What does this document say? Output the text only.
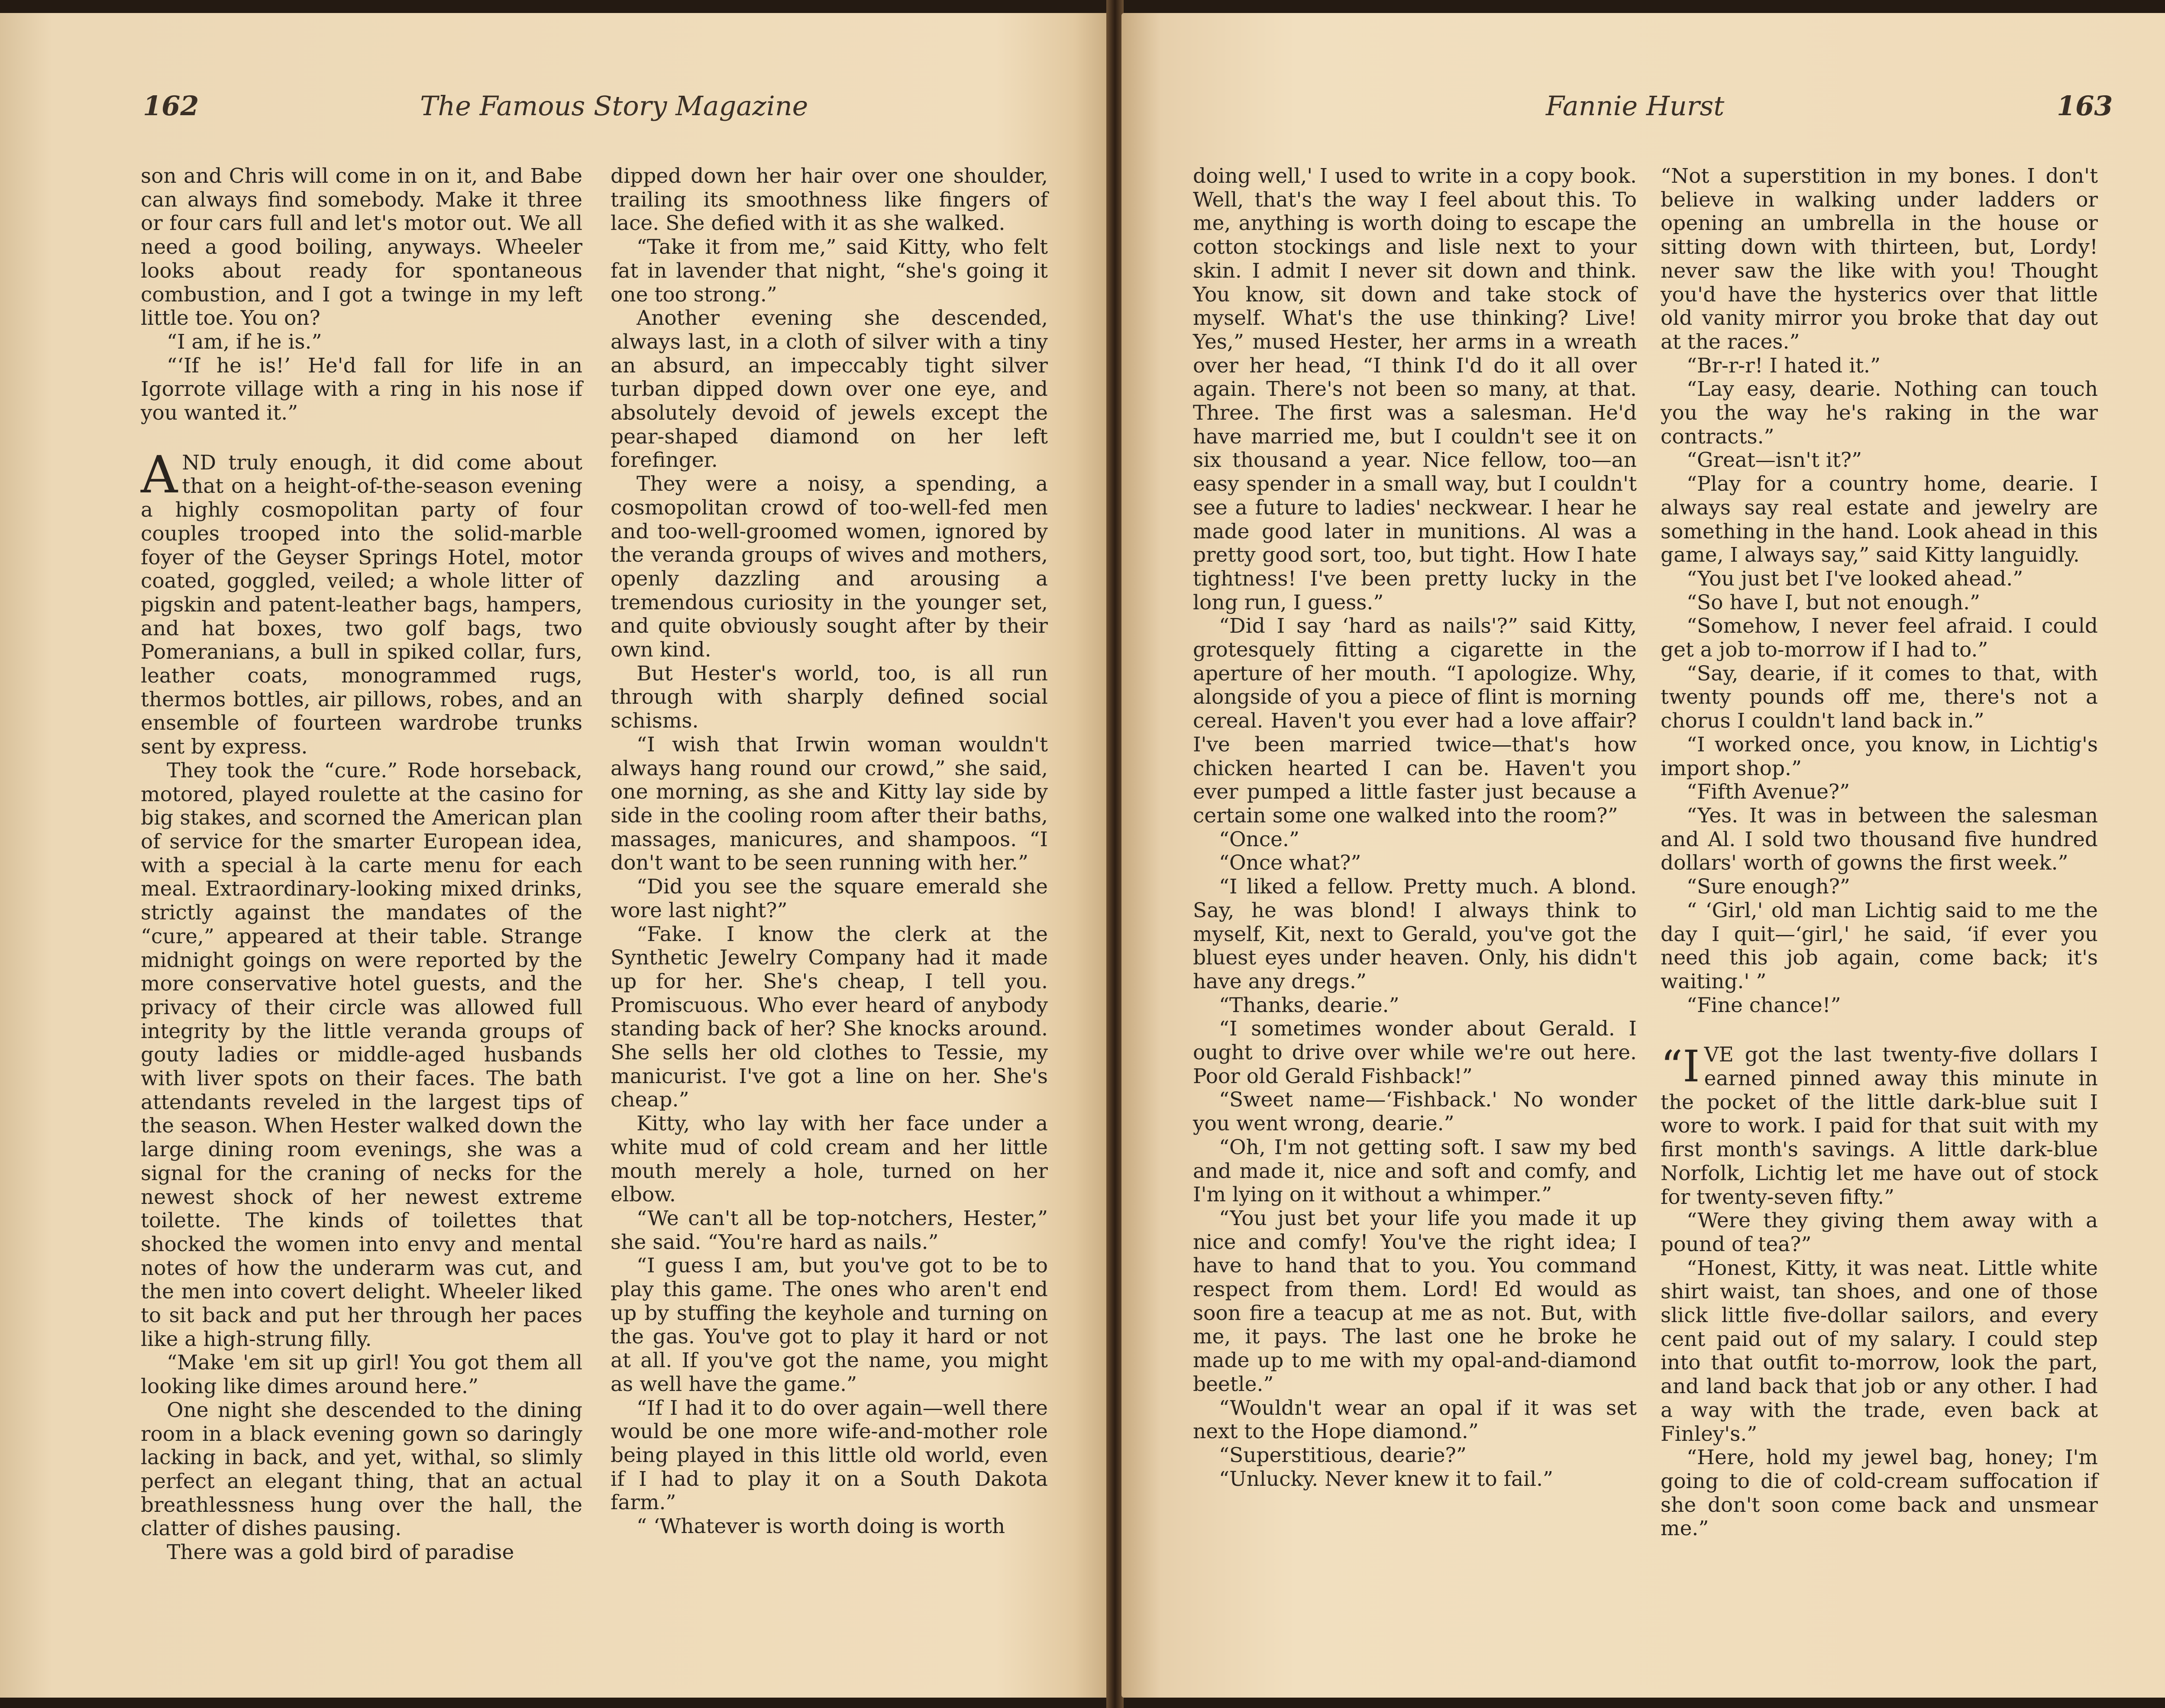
162	The Famous Story Magazine

son and Chris will come in on it, and Babe can always find somebody. Make it three or four cars full and let's motor out. We all need a good boiling, anyways. Wheeler looks about ready for spontaneous combustion, and I got a twinge in my left little toe. You on?

“I am, if he is.”

“‘If he is!’ He'd fall for life in an Igorrote village with a ring in his nose if you wanted it.”

AND truly enough, it did come about that on a height-of-the-season evening a highly cosmopolitan party of four couples trooped into the solid-marble foyer of the Geyser Springs Hotel, motor coated, goggled, veiled; a whole litter of pigskin and patent-leather bags, hampers, and hat boxes, two golf bags, two Pomeranians, a bull in spiked collar, furs, leather coats, monogrammed rugs, thermos bottles, air pillows, robes, and an ensemble of fourteen wardrobe trunks sent by express.

They took the “cure.” Rode horseback, motored, played roulette at the casino for big stakes, and scorned the American plan of service for the smarter European idea, with a special à la carte menu for each meal. Extraordinary-looking mixed drinks, strictly against the mandates of the “cure,” appeared at their table. Strange midnight goings on were reported by the more conservative hotel guests, and the privacy of their circle was allowed full integrity by the little veranda groups of gouty ladies or middle-aged husbands with liver spots on their faces. The bath attendants reveled in the largest tips of the season. When Hester walked down the large dining room evenings, she was a signal for the craning of necks for the newest shock of her newest extreme toilette. The kinds of toilettes that shocked the women into envy and mental notes of how the underarm was cut, and the men into covert delight. Wheeler liked to sit back and put her through her paces like a high-strung filly.

“Make 'em sit up girl! You got them all looking like dimes around here.”

One night she descended to the dining room in a black evening gown so daringly lacking in back, and yet, withal, so slimly perfect an elegant thing, that an actual breathlessness hung over the hall, the clatter of dishes pausing.

There was a gold bird of paradise

dipped down her hair over one shoulder, trailing its smoothness like fingers of lace. She defied with it as she walked.

“Take it from me,” said Kitty, who felt fat in lavender that night, “she's going it one too strong.”

Another evening she descended, always last, in a cloth of silver with a tiny an absurd, an impeccably tight silver turban dipped down over one eye, and absolutely devoid of jewels except the pear-shaped diamond on her left forefinger.

They were a noisy, a spending, a cosmopolitan crowd of too-well-fed men and too-well-groomed women, ignored by the veranda groups of wives and mothers, openly dazzling and arousing a tremendous curiosity in the younger set, and quite obviously sought after by their own kind.

But Hester's world, too, is all run through with sharply defined social schisms.

“I wish that Irwin woman wouldn't always hang round our crowd,” she said, one morning, as she and Kitty lay side by side in the cooling room after their baths, massages, manicures, and shampoos. “I don't want to be seen running with her.”

“Did you see the square emerald she wore last night?”

“Fake. I know the clerk at the Synthetic Jewelry Company had it made up for her. She's cheap, I tell you. Promiscuous. Who ever heard of anybody standing back of her? She knocks around. She sells her old clothes to Tessie, my manicurist. I've got a line on her. She's cheap.”

Kitty, who lay with her face under a white mud of cold cream and her little mouth merely a hole, turned on her elbow.

“We can't all be top-notchers, Hester,” she said. “You're hard as nails.”

“I guess I am, but you've got to be to play this game. The ones who aren't end up by stuffing the keyhole and turning on the gas. You've got to play it hard or not at all. If you've got the name, you might as well have the game.”

“If I had it to do over again—well there would be one more wife-and-mother role being played in this little old world, even if I had to play it on a South Dakota farm.”

“ ‘Whatever is worth doing is worth

Fannie Hurst	163

doing well,' I used to write in a copy book. Well, that's the way I feel about this. To me, anything is worth doing to escape the cotton stockings and lisle next to your skin. I admit I never sit down and think. You know, sit down and take stock of myself. What's the use thinking? Live! Yes,” mused Hester, her arms in a wreath over her head, “I think I'd do it all over again. There's not been so many, at that. Three. The first was a salesman. He'd have married me, but I couldn't see it on six thousand a year. Nice fellow, too—an easy spender in a small way, but I couldn't see a future to ladies' neckwear. I hear he made good later in munitions. Al was a pretty good sort, too, but tight. How I hate tightness! I've been pretty lucky in the long run, I guess.”

“Did I say ‘hard as nails'?” said Kitty, grotesquely fitting a cigarette in the aperture of her mouth. “I apologize. Why, alongside of you a piece of flint is morning cereal. Haven't you ever had a love affair? I've been married twice—that's how chicken hearted I can be. Haven't you ever pumped a little faster just because a certain some one walked into the room?”

“Once.”

“Once what?”

“I liked a fellow. Pretty much. A blond. Say, he was blond! I always think to myself, Kit, next to Gerald, you've got the bluest eyes under heaven. Only, his didn't have any dregs.”

“Thanks, dearie.”

“I sometimes wonder about Gerald. I ought to drive over while we're out here. Poor old Gerald Fishback!”

“Sweet name—‘Fishback.' No wonder you went wrong, dearie.”

“Oh, I'm not getting soft. I saw my bed and made it, nice and soft and comfy, and I'm lying on it without a whimper.”

“You just bet your life you made it up nice and comfy! You've the right idea; I have to hand that to you. You command respect from them. Lord! Ed would as soon fire a teacup at me as not. But, with me, it pays. The last one he broke he made up to me with my opal-and-diamond beetle.”

“Wouldn't wear an opal if it was set next to the Hope diamond.”

“Superstitious, dearie?”

“Unlucky. Never knew it to fail.”

“Not a superstition in my bones. I don't believe in walking under ladders or opening an umbrella in the house or sitting down with thirteen, but, Lordy! never saw the like with you! Thought you'd have the hysterics over that little old vanity mirror you broke that day out at the races.”

“Br-r-r! I hated it.”

“Lay easy, dearie. Nothing can touch you the way he's raking in the war contracts.”

“Great—isn't it?”

“Play for a country home, dearie. I always say real estate and jewelry are something in the hand. Look ahead in this game, I always say,” said Kitty languidly.

“You just bet I've looked ahead.”

“So have I, but not enough.”

“Somehow, I never feel afraid. I could get a job to-morrow if I had to.”

“Say, dearie, if it comes to that, with twenty pounds off me, there's not a chorus I couldn't land back in.”

“I worked once, you know, in Lichtig's import shop.”

“Fifth Avenue?”

“Yes. It was in between the salesman and Al. I sold two thousand five hundred dollars' worth of gowns the first week.”

“Sure enough?”

“ ‘Girl,' old man Lichtig said to me the day I quit—‘girl,' he said, ‘if ever you need this job again, come back; it's waiting.' ”

“Fine chance!”

“IVE got the last twenty-five dollars I earned pinned away this minute in the pocket of the little dark-blue suit I wore to work. I paid for that suit with my first month's savings. A little dark-blue Norfolk, Lichtig let me have out of stock for twenty-seven fifty.”

“Were they giving them away with a pound of tea?”

“Honest, Kitty, it was neat. Little white shirt waist, tan shoes, and one of those slick little five-dollar sailors, and every cent paid out of my salary. I could step into that outfit to-morrow, look the part, and land back that job or any other. I had a way with the trade, even back at Finley's.”

“Here, hold my jewel bag, honey; I'm going to die of cold-cream suffocation if she don't soon come back and unsmear me.”
